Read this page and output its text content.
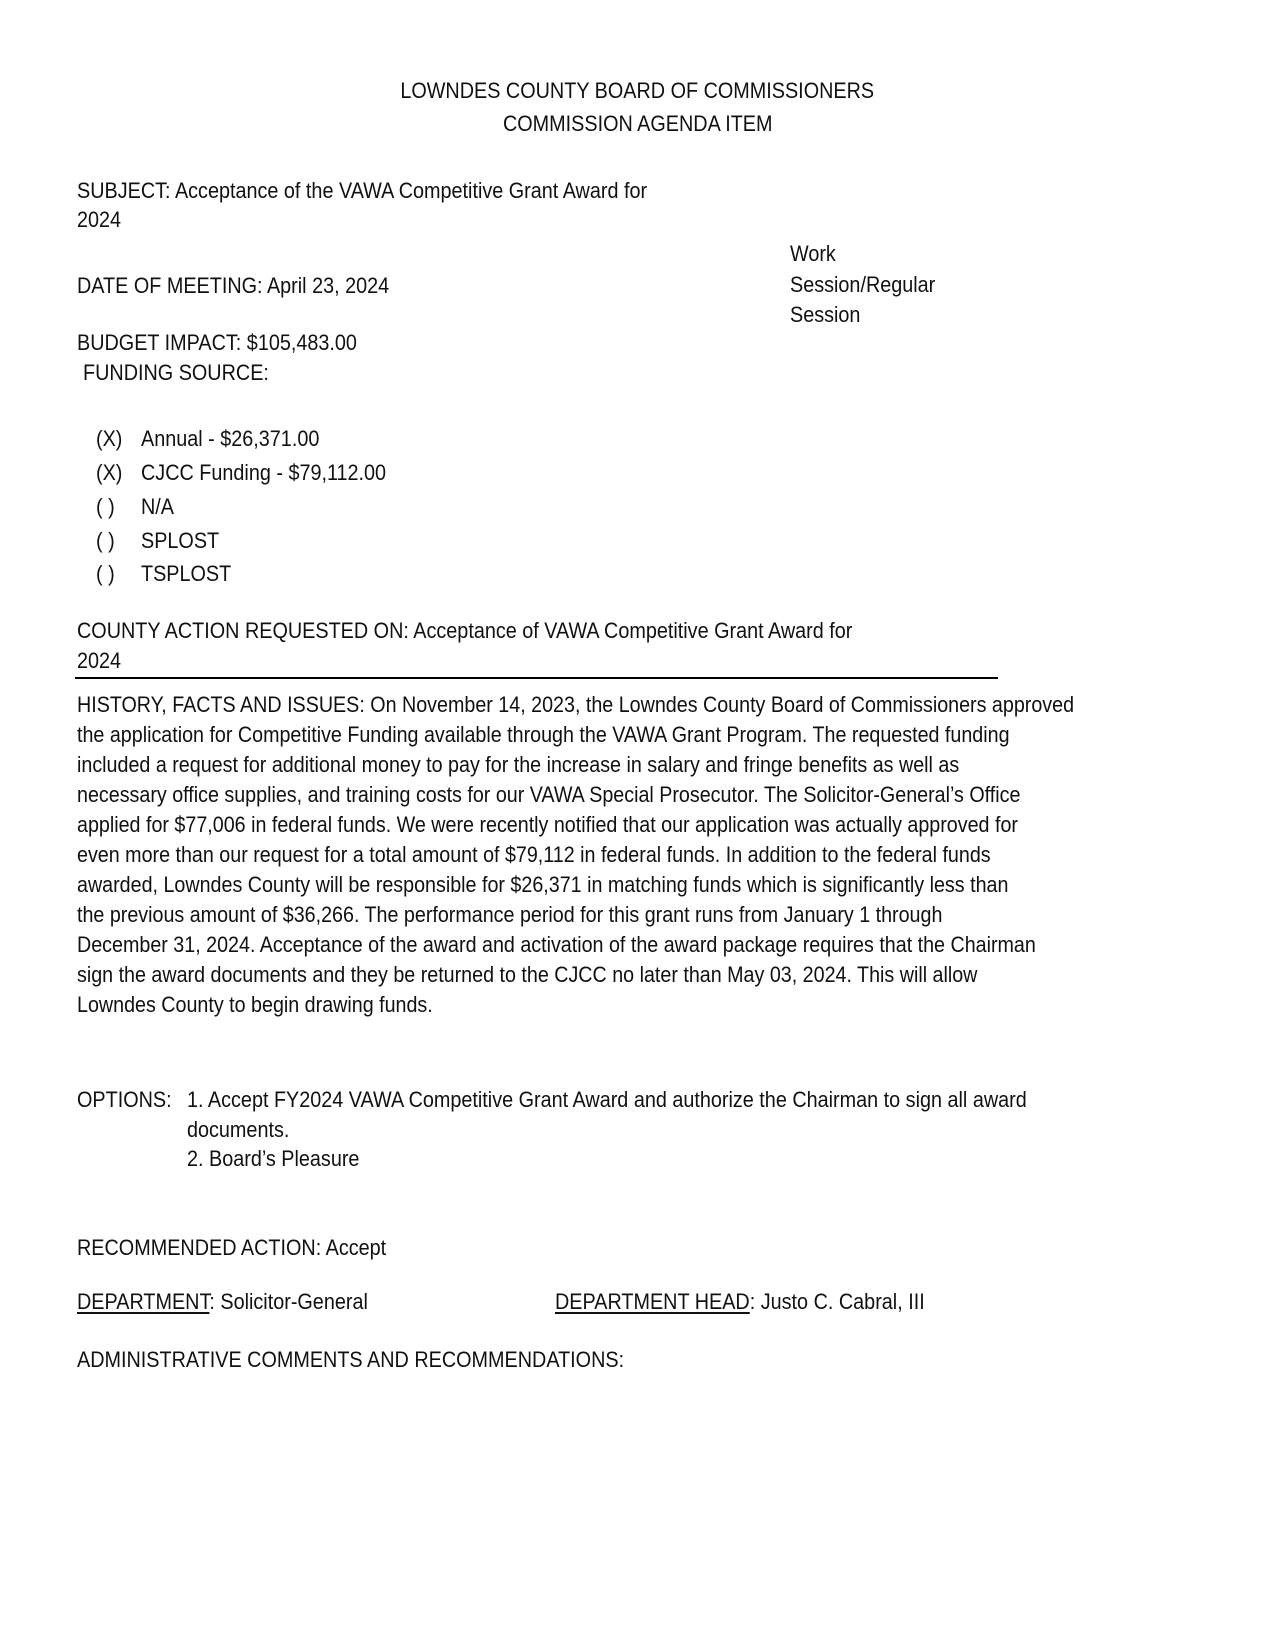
LOWNDES COUNTY BOARD OF COMMISSIONERS
COMMISSION AGENDA ITEM
SUBJECT: Acceptance of the VAWA Competitive Grant Award for
2024
Work
Session/Regular
Session
DATE OF MEETING: April 23, 2024
BUDGET IMPACT: $105,483.00
FUNDING SOURCE:
(X) Annual - $26,371.00
(X) CJCC Funding - $79,112.00
( ) N/A
( ) SPLOST
( ) TSPLOST
COUNTY ACTION REQUESTED ON: Acceptance of VAWA Competitive Grant Award for
2024
HISTORY, FACTS AND ISSUES: On November 14, 2023, the Lowndes County Board of Commissioners approved
the application for Competitive Funding available through the VAWA Grant Program. The requested funding
included a request for additional money to pay for the increase in salary and fringe benefits as well as
necessary office supplies, and training costs for our VAWA Special Prosecutor. The Solicitor-General’s Office
applied for $77,006 in federal funds. We were recently notified that our application was actually approved for
even more than our request for a total amount of $79,112 in federal funds. In addition to the federal funds
awarded, Lowndes County will be responsible for $26,371 in matching funds which is significantly less than
the previous amount of $36,266. The performance period for this grant runs from January 1 through
December 31, 2024. Acceptance of the award and activation of the award package requires that the Chairman
sign the award documents and they be returned to the CJCC no later than May 03, 2024. This will allow
Lowndes County to begin drawing funds.
OPTIONS: 1. Accept FY2024 VAWA Competitive Grant Award and authorize the Chairman to sign all award
documents.
2. Board’s Pleasure
RECOMMENDED ACTION: Accept
DEPARTMENT: Solicitor-General	DEPARTMENT HEAD: Justo C. Cabral, III
ADMINISTRATIVE COMMENTS AND RECOMMENDATIONS:
